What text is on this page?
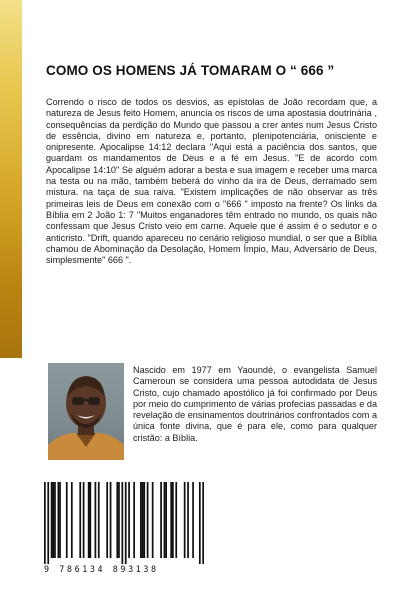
COMO OS HOMENS JÁ TOMARAM O “ 666 ”

Correndo o risco de todos os desvios, as epístolas de João recordam que, a natureza de Jesus feito Homem, anuncia os riscos de uma apostasia doutrinária , consequências da perdição do Mundo que passou a crer antes num Jesus Cristo de essência, divino em natureza e, portanto, plenipotenciária, onisciente e onipresente. Apocalipse 14:12 declara "Aqui está a paciência dos santos, que guardam os mandamentos de Deus e a fé em Jesus. "E de acordo com Apocalipse 14:10" Se alguém adorar a besta e sua imagem e receber uma marca na testa ou na mão, também beberá do vinho da ira de Deus, derramado sem mistura. na taça de sua raiva. "Existem implicações de não observar as três primeiras leis de Deus em conexão com o "666 " imposto na frente? Os links da Bíblia em 2 João 1: 7 "Muitos enganadores têm entrado no mundo, os quais não confessam que Jesus Cristo veio em carne. Aquele que é assim é o sedutor e o anticristo. "Drift, quando apareceu no cenário religioso mundial, o ser que a Bíblia chamou de Abominação da Desolação, Homem Ímpio, Mau, Adversário de Deus, simplesmente" 666 ".

Nascido em 1977 em Yaoundé, o evangelista Samuel Cameroun se considera uma pessoa autodidata de Jesus Cristo, cujo chamado apostólico já foi confirmado por Deus por meio do cumprimento de várias profecias passadas e da revelação de ensinamentos doutrinários confrontados com a única fonte divina, que é para ele, como para qualquer cristão: a Bíblia.

9 786134 893138
